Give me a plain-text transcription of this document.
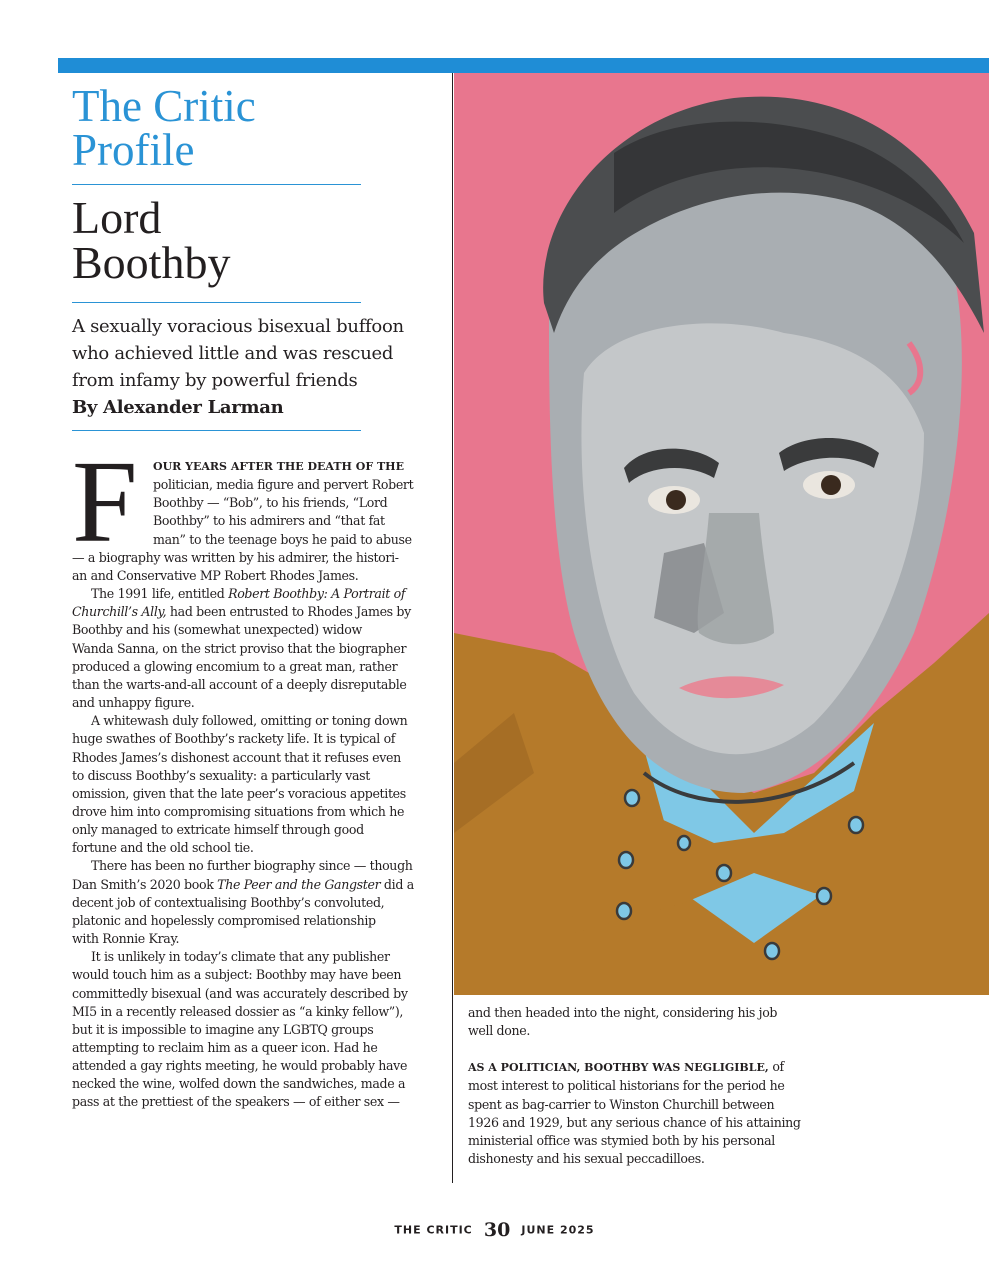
The Critic
Profile
Lord
Boothby
A sexually voracious bisexual buffoon
who achieved little and was rescued
from infamy by powerful friends
By Alexander Larman
F	OUR YEARS AFTER THE DEATH OF THE
politician, media figure and pervert Robert
Boothby — “Bob”, to his friends, “Lord
Boothby” to his admirers and “that fat
man” to the teenage boys he paid to abuse
— a biography was written by his admirer, the histori-
an and Conservative MP Robert Rhodes James.
The 1991 life, entitled Robert Boothby: A Portrait of
Churchill’s Ally, had been entrusted to Rhodes James by
Boothby and his (somewhat unexpected) widow
Wanda Sanna, on the strict proviso that the biographer
produced a glowing encomium to a great man, rather
than the warts-and-all account of a deeply disreputable
and unhappy figure.
A whitewash duly followed, omitting or toning down
huge swathes of Boothby’s rackety life. It is typical of
Rhodes James’s dishonest account that it refuses even
to discuss Boothby’s sexuality: a particularly vast
omission, given that the late peer’s voracious appetites
drove him into compromising situations from which he
only managed to extricate himself through good
fortune and the old school tie.
There has been no further biography since — though
Dan Smith’s 2020 book The Peer and the Gangster did a
decent job of contextualising Boothby’s convoluted,
platonic and hopelessly compromised relationship
with Ronnie Kray.
It is unlikely in today’s climate that any publisher
would touch him as a subject: Boothby may have been
committedly bisexual (and was accurately described by
MI5 in a recently released dossier as “a kinky fellow”),
but it is impossible to imagine any LGBTQ groups
attempting to reclaim him as a queer icon. Had he
attended a gay rights meeting, he would probably have
necked the wine, wolfed down the sandwiches, made a
pass at the prettiest of the speakers — of either sex —
and then headed into the night, considering his job
well done.
AS A POLITICIAN, BOOTHBY WAS NEGLIGIBLE, of
most interest to political historians for the period he
spent as bag-carrier to Winston Churchill between
1926 and 1929, but any serious chance of his attaining
ministerial office was stymied both by his personal
dishonesty and his sexual peccadilloes.
THE CRITIC 30 JUNE 2025
